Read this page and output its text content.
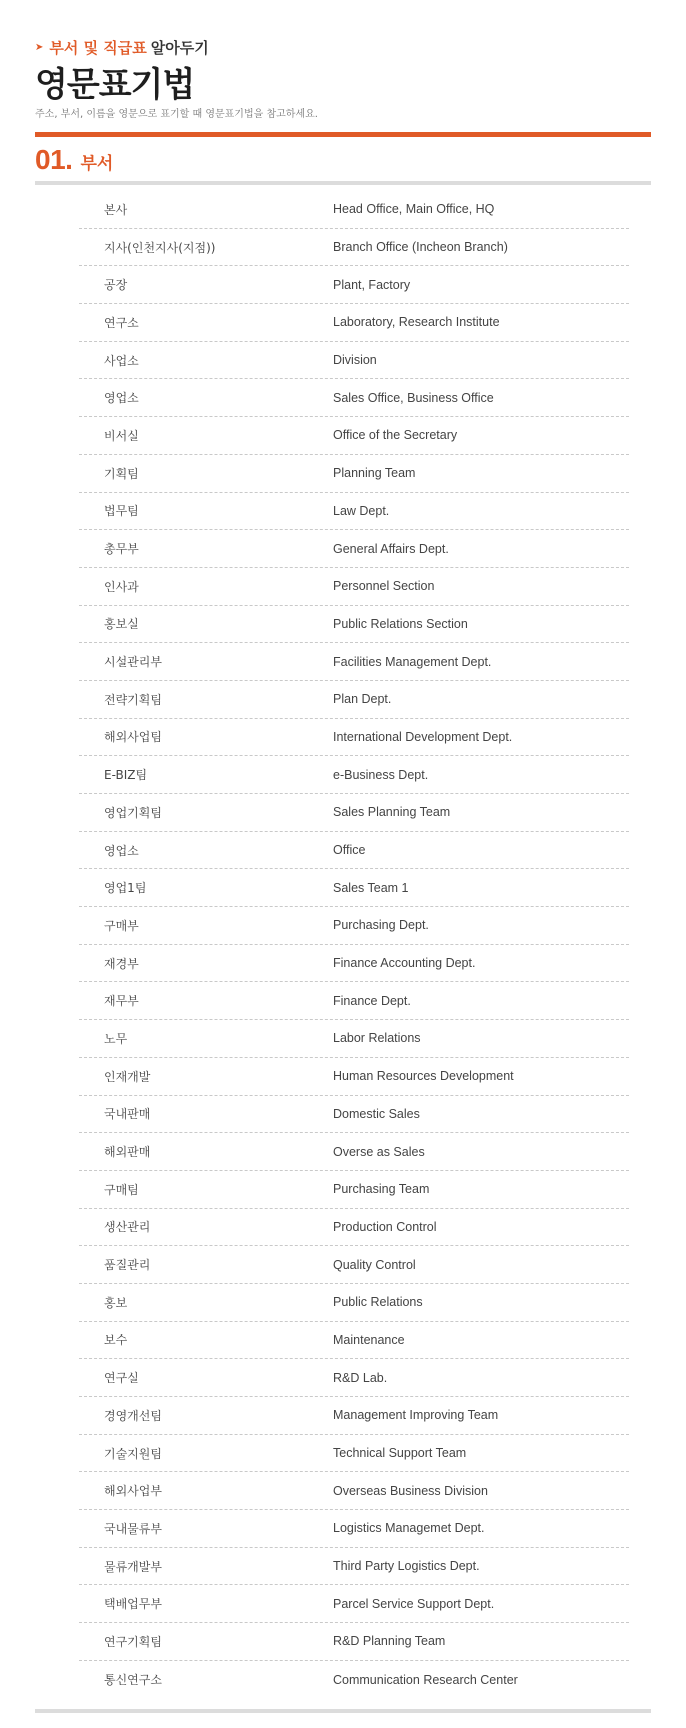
➤ 부서 및 직급표 알아두기
영문표기법
주소, 부서, 이름을 영문으로 표기할 때 영문표기법을 참고하세요.
01. 부서
본사	Head Office, Main Office, HQ
지사(인천지사(지점))	Branch Office (Incheon Branch)
공장	Plant, Factory
연구소	Laboratory, Research Institute
사업소	Division
영업소	Sales Office, Business Office
비서실	Office of the Secretary
기획팀	Planning Team
법무팀	Law Dept.
총무부	General Affairs Dept.
인사과	Personnel Section
홍보실	Public Relations Section
시설관리부	Facilities Management Dept.
전략기획팀	Plan Dept.
해외사업팀	International Development Dept.
E-BIZ팀	e-Business Dept.
영업기획팀	Sales Planning Team
영업소	Office
영업1팀	Sales Team 1
구매부	Purchasing Dept.
재경부	Finance Accounting Dept.
재무부	Finance Dept.
노무	Labor Relations
인재개발	Human Resources Development
국내판매	Domestic Sales
해외판매	Overse as Sales
구매팀	Purchasing Team
생산관리	Production Control
품질관리	Quality Control
홍보	Public Relations
보수	Maintenance
연구실	R&D Lab.
경영개선팀	Management Improving Team
기술지원팀	Technical Support Team
해외사업부	Overseas Business Division
국내물류부	Logistics Managemet Dept.
물류개발부	Third Party Logistics Dept.
택배업무부	Parcel Service Support Dept.
연구기획팀	R&D Planning Team
통신연구소	Communication Research Center
